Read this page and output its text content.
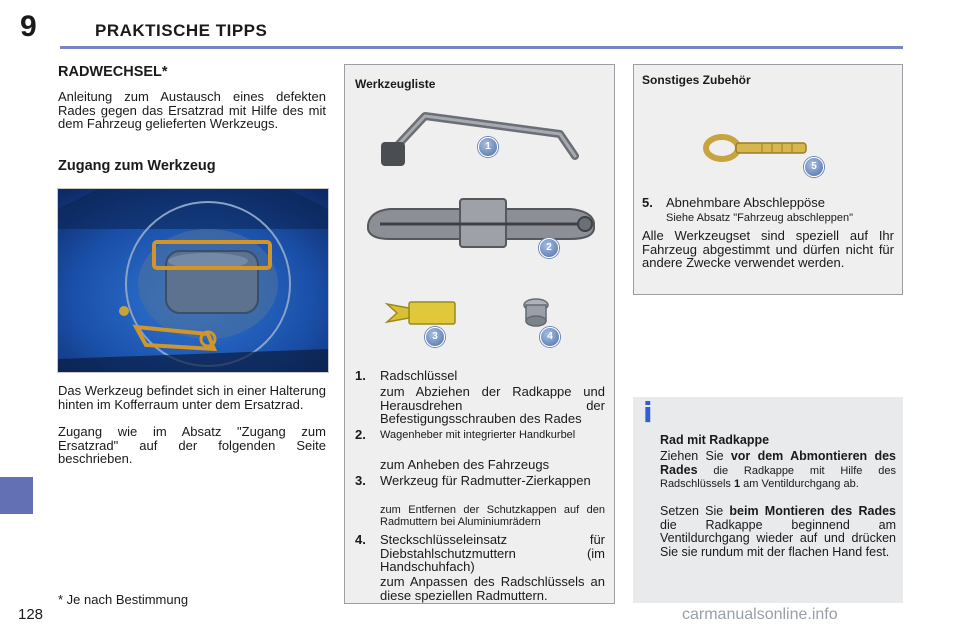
9	PRAKTISCHE TIPPS
RADWECHSEL*
Anleitung zum Austausch eines defekten Rades gegen das Ersatzrad mit Hilfe des mit dem Fahrzeug gelieferten Werkzeugs.
Zugang zum Werkzeug
Das Werkzeug befindet sich in einer Halterung hinten im Kofferraum unter dem Ersatzrad.
Zugang wie im Absatz "Zugang zum Ersatzrad" auf der folgenden Seite beschrieben.
* Je nach Bestimmung
Werkzeugliste
1
2
3	4
1. Radschlüssel
zum Abziehen der Radkappe und Herausdrehen der Befestigungsschrauben des Rades
2. Wagenheber mit integrierter Handkurbel
zum Anheben des Fahrzeugs
3. Werkzeug für Radmutter-Zierkappen
zum Entfernen der Schutzkappen auf den Radmuttern bei Aluminiumrädern
4. Steckschlüsseleinsatz für Diebstahlschutzmuttern (im Handschuhfach)
zum Anpassen des Radschlüssels an diese speziellen Radmuttern.
Sonstiges Zubehör
5
5. Abnehmbare Abschleppöse
Siehe Absatz "Fahrzeug abschleppen"
Alle Werkzeugset sind speziell auf Ihr Fahrzeug abgestimmt und dürfen nicht für andere Zwecke verwendet werden.
i
Rad mit Radkappe
Ziehen Sie vor dem Abmontieren des Rades die Radkappe mit Hilfe des Radschlüssels 1 am Ventildurchgang ab.
Setzen Sie beim Montieren des Rades die Radkappe beginnend am Ventildurchgang wieder auf und drücken Sie sie rundum mit der flachen Hand fest.
128	carmanualsonline.info
